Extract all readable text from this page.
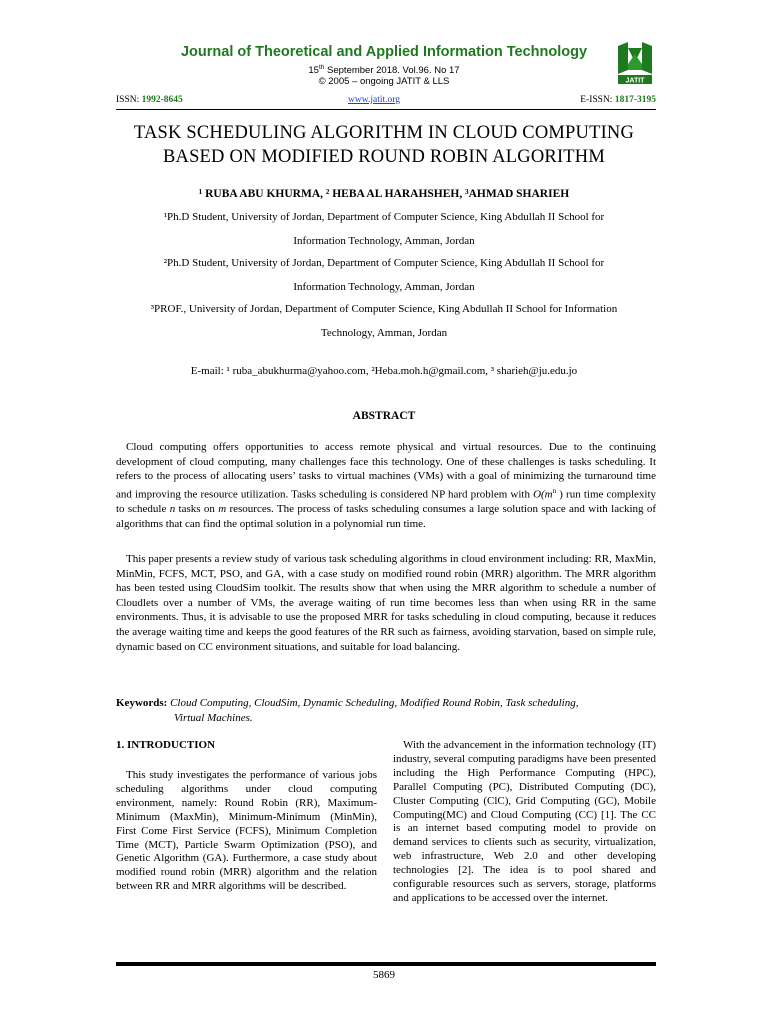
Journal of Theoretical and Applied Information Technology
15th September 2018. Vol.96. No 17
© 2005 – ongoing JATIT & LLS	JATIT
ISSN: 1992-8645	www.jatit.org	E-ISSN: 1817-3195
TASK SCHEDULING ALGORITHM IN CLOUD COMPUTING
BASED ON MODIFIED ROUND ROBIN ALGORITHM
¹ RUBA ABU KHURMA, ² HEBA AL HARAHSHEH, ³AHMAD SHARIEH
¹Ph.D Student, University of Jordan, Department of Computer Science, King Abdullah II School for
Information Technology, Amman, Jordan
²Ph.D Student, University of Jordan, Department of Computer Science, King Abdullah II School for
Information Technology, Amman, Jordan
³PROF., University of Jordan, Department of Computer Science, King Abdullah II School for Information
Technology, Amman, Jordan
E-mail: ¹ ruba_abukhurma@yahoo.com, ²Heba.moh.h@gmail.com, ³ sharieh@ju.edu.jo
ABSTRACT
Cloud computing offers opportunities to access remote physical and virtual resources. Due to the continuing development of cloud computing, many challenges face this technology. One of these challenges is tasks scheduling. It refers to the process of allocating users’ tasks to virtual machines (VMs) with a goal of minimizing the turnaround time and improving the resource utilization. Tasks scheduling is considered NP hard problem with $O(m^n$ ) run time complexity to schedule n tasks on m resources. The process of tasks scheduling consumes a large solution space and with lacking of algorithms that can find the optimal solution in a polynomial run time.
This paper presents a review study of various task scheduling algorithms in cloud environment including: RR, MaxMin, MinMin, FCFS, MCT, PSO, and GA, with a case study on modified round robin (MRR) algorithm. The MRR algorithm has been tested using CloudSim toolkit. The results show that when using the MRR algorithm to schedule a number of Cloudlets over a number of VMs, the average waiting of run time becomes less than when using RR in the same environments. Thus, it is advisable to use the proposed MRR for tasks scheduling in cloud computing, because it reduces the average waiting time and keeps the good features of the RR such as fairness, avoiding starvation, based on simple rule, dynamic based on CC environment situations, and suitable for load balancing.
Keywords: Cloud Computing, CloudSim, Dynamic Scheduling, Modified Round Robin, Task scheduling,
Virtual Machines.
1. INTRODUCTION
This study investigates the performance of various jobs scheduling algorithms under cloud computing environment, namely: Round Robin (RR), Maximum-Minimum (MaxMin), Minimum-Minimum (MinMin), First Come First Service (FCFS), Minimum Completion Time (MCT), Particle Swarm Optimization (PSO), and Genetic Algorithm (GA). Furthermore, a case study about modified round robin (MRR) algorithm and the relation between RR and MRR algorithms will be described.
With the advancement in the information technology (IT) industry, several computing paradigms have been presented including the High Performance Computing (HPC), Parallel Computing (PC), Distributed Computing (DC), Cluster Computing (ClC), Grid Computing (GC), Mobile Computing(MC) and Cloud Computing (CC) [1]. The CC is an internet based computing model to provide on demand services to clients such as security, virtualization, web infrastructure, Web 2.0 and other developing technologies [2]. The idea is to pool shared and configurable resources such as servers, storage, platforms and applications to be accessed over the internet.
5869
